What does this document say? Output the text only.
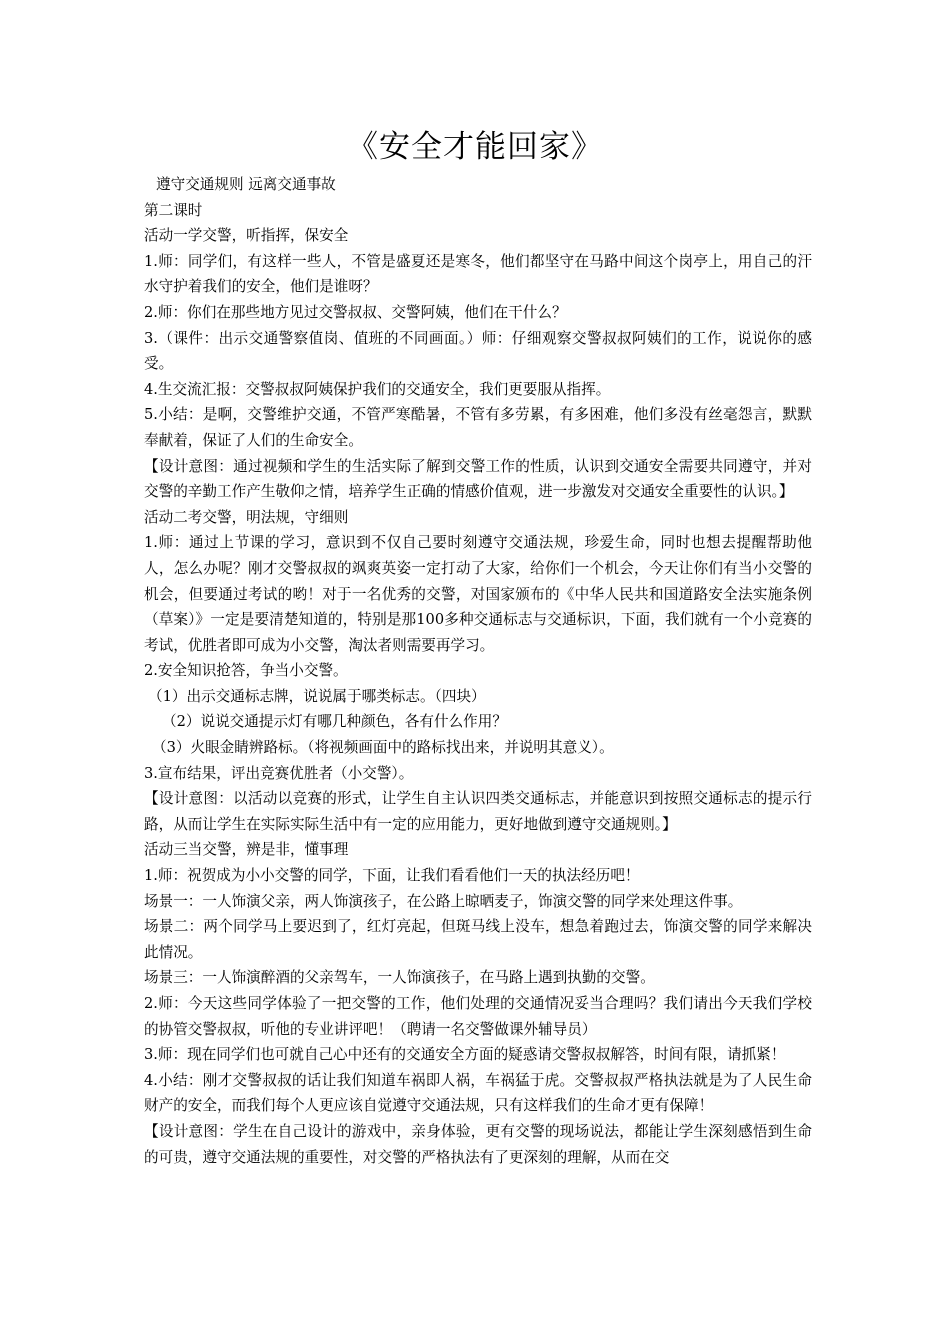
《安全才能回家》

遵守交通规则 远离交通事故

第二课时

活动一学交警，听指挥，保安全

1.师：同学们，有这样一些人，不管是盛夏还是寒冬，他们都坚守在马路中间这个岗亭上，用自己的汗水守护着我们的安全，他们是谁呀？

2.师：你们在那些地方见过交警叔叔、交警阿姨，他们在干什么？

3.（课件：出示交通警察值岗、值班的不同画面。）师：仔细观察交警叔叔阿姨们的工作，说说你的感受。

4.生交流汇报：交警叔叔阿姨保护我们的交通安全，我们更要服从指挥。

5.小结：是啊，交警维护交通，不管严寒酷暑，不管有多劳累，有多困难，他们多没有丝毫怨言，默默奉献着，保证了人们的生命安全。

【设计意图：通过视频和学生的生活实际了解到交警工作的性质，认识到交通安全需要共同遵守，并对交警的辛勤工作产生敬仰之情，培养学生正确的情感价值观，进一步激发对交通安全重要性的认识。】

活动二考交警，明法规，守细则

1.师：通过上节课的学习，意识到不仅自己要时刻遵守交通法规，珍爱生命，同时也想去提醒帮助他人，怎么办呢？刚才交警叔叔的飒爽英姿一定打动了大家，给你们一个机会，今天让你们有当小交警的机会，但要通过考试的哟！对于一名优秀的交警，对国家颁布的《中华人民共和国道路安全法实施条例（草案）》一定是要清楚知道的，特别是那100多种交通标志与交通标识，下面，我们就有一个小竞赛的考试，优胜者即可成为小交警，淘汰者则需要再学习。

2.安全知识抢答，争当小交警。

（1）出示交通标志牌，说说属于哪类标志。（四块）

（2）说说交通提示灯有哪几种颜色，各有什么作用？

（3）火眼金睛辨路标。（将视频画面中的路标找出来，并说明其意义）。

3.宣布结果，评出竞赛优胜者（小交警）。

【设计意图：以活动以竞赛的形式，让学生自主认识四类交通标志，并能意识到按照交通标志的提示行路，从而让学生在实际实际生活中有一定的应用能力，更好地做到遵守交通规则。】

活动三当交警，辨是非，懂事理

1.师：祝贺成为小小交警的同学，下面，让我们看看他们一天的执法经历吧！

场景一：一人饰演父亲，两人饰演孩子，在公路上晾晒麦子，饰演交警的同学来处理这件事。

场景二：两个同学马上要迟到了，红灯亮起，但斑马线上没车，想急着跑过去，饰演交警的同学来解决此情况。

场景三：一人饰演醉酒的父亲驾车，一人饰演孩子，在马路上遇到执勤的交警。

2.师：今天这些同学体验了一把交警的工作，他们处理的交通情况妥当合理吗？我们请出今天我们学校的协管交警叔叔，听他的专业讲评吧！（聘请一名交警做课外辅导员）

3.师：现在同学们也可就自己心中还有的交通安全方面的疑惑请交警叔叔解答，时间有限，请抓紧！

4.小结：刚才交警叔叔的话让我们知道车祸即人祸，车祸猛于虎。交警叔叔严格执法就是为了人民生命财产的安全，而我们每个人更应该自觉遵守交通法规，只有这样我们的生命才更有保障！

【设计意图：学生在自己设计的游戏中，亲身体验，更有交警的现场说法，都能让学生深刻感悟到生命的可贵，遵守交通法规的重要性，对交警的严格执法有了更深刻的理解，从而在交
